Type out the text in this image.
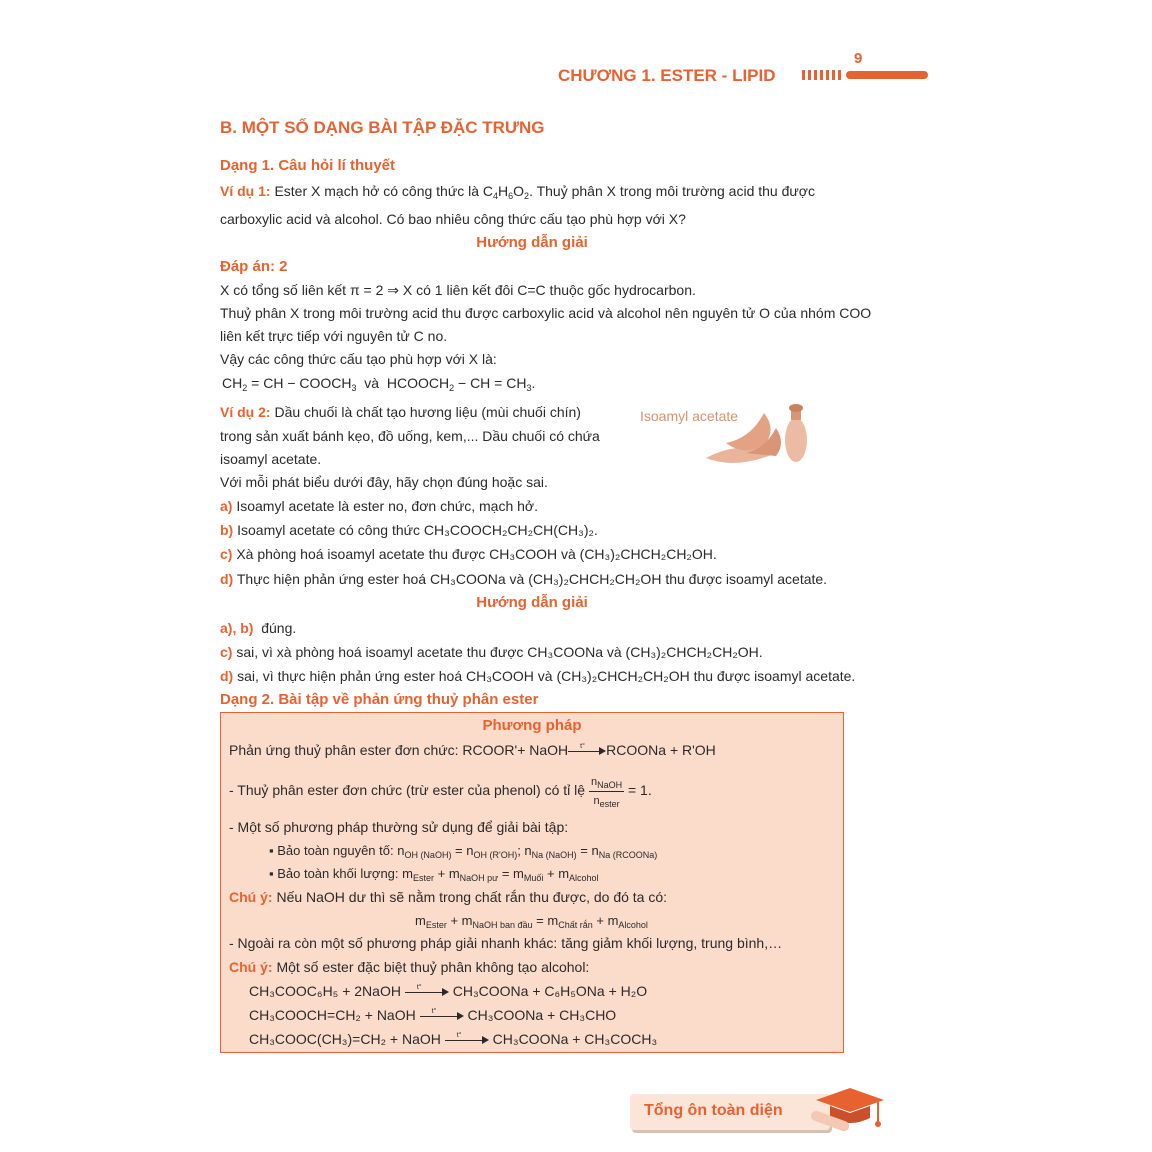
CHƯƠNG 1. ESTER - LIPID
9
B. MỘT SỐ DẠNG BÀI TẬP ĐẶC TRƯNG
Dạng 1. Câu hỏi lí thuyết
Ví dụ 1: Ester X mạch hở có công thức là $C_4H_6O_2$. Thuỷ phân X trong môi trường acid thu được
carboxylic acid và alcohol. Có bao nhiêu công thức cấu tạo phù hợp với X?
Hướng dẫn giải
Đáp án: 2
X có tổng số liên kết π = 2 ⇒ X có 1 liên kết đôi C=C thuộc gốc hydrocarbon.
Thuỷ phân X trong môi trường acid thu được carboxylic acid và alcohol nên nguyên tử O của nhóm COO
liên kết trực tiếp với nguyên tử C no.
Vậy các công thức cấu tạo phù hợp với X là:
$CH_2$ = CH − $COOCH_3$ và  $HCOOCH_2$ − CH = $CH_3$.
Ví dụ 2: Dầu chuối là chất tạo hương liệu (mùi chuối chín)
trong sản xuất bánh kẹo, đồ uống, kem,... Dầu chuối có chứa
isoamyl acetate.
Với mỗi phát biểu dưới đây, hãy chọn đúng hoặc sai.
Isoamyl acetate
a) Isoamyl acetate là ester no, đơn chức, mạch hở.
b) Isoamyl acetate có công thức CH₃COOCH₂CH₂CH(CH₃)₂.
c) Xà phòng hoá isoamyl acetate thu được CH₃COOH và (CH₃)₂CHCH₂CH₂OH.
d) Thực hiện phản ứng ester hoá CH₃COONa và (CH₃)₂CHCH₂CH₂OH thu được isoamyl acetate.
Hướng dẫn giải
a), b) đúng.
c) sai, vì xà phòng hoá isoamyl acetate thu được CH₃COONa và (CH₃)₂CHCH₂CH₂OH.
d) sai, vì thực hiện phản ứng ester hoá CH₃COOH và (CH₃)₂CHCH₂CH₂OH thu được isoamyl acetate.
Dạng 2. Bài tập về phản ứng thuỷ phân ester
Phương pháp
Phản ứng thuỷ phân ester đơn chức: RCOOR'+ NaOH t° RCOONa + R'OH
- Thuỷ phân ester đơn chức (trừ ester của phenol) có tỉ lệ $\frac{n_{NaOH}}{n_{ester}} = 1$.
- Một số phương pháp thường sử dụng để giải bài tập:
▪ Bảo toàn nguyên tố: $n_{OH (NaOH)} = n_{OH (R'OH)}$; $n_{Na (NaOH)} = n_{Na (RCOONa)}$
▪ Bảo toàn khối lượng: $m_{Ester} + m_{NaOH pư} = m_{Muối} + m_{Alcohol}$
Chú ý: Nếu NaOH dư thì sẽ nằm trong chất rắn thu được, do đó ta có:
$m_{Ester} + m_{NaOH ban đầu} = m_{Chất rắn} + m_{Alcohol}$
- Ngoài ra còn một số phương pháp giải nhanh khác: tăng giảm khối lượng, trung bình,…
Chú ý: Một số ester đặc biệt thuỷ phân không tạo alcohol:
CH₃COOC₆H₅ + 2NaOH t° CH₃COONa + C₆H₅ONa + H₂O
CH₃COOCH=CH₂ + NaOH t° CH₃COONa + CH₃CHO
CH₃COOC(CH₃)=CH₂ + NaOH t° CH₃COONa + CH₃COCH₃
Tổng ôn toàn diện
